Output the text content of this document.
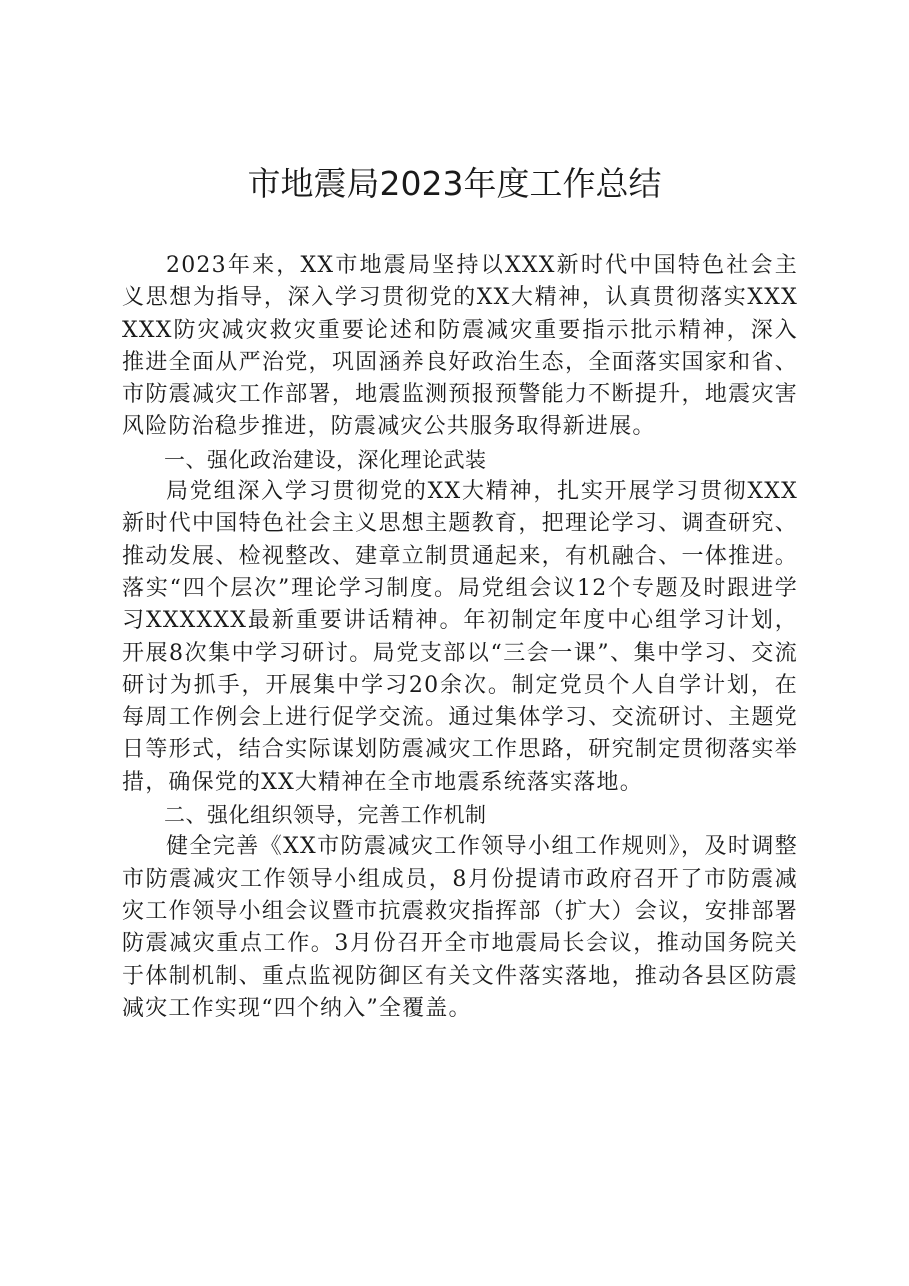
市地震局2023年度工作总结

2023年来，XX市地震局坚持以XXX新时代中国特色社会主义思想为指导，深入学习贯彻党的XX大精神，认真贯彻落实XXXXXX防灾减灾救灾重要论述和防震减灾重要指示批示精神，深入推进全面从严治党，巩固涵养良好政治生态，全面落实国家和省、市防震减灾工作部署，地震监测预报预警能力不断提升，地震灾害风险防治稳步推进，防震减灾公共服务取得新进展。

一、强化政治建设，深化理论武装

局党组深入学习贯彻党的XX大精神，扎实开展学习贯彻XXX新时代中国特色社会主义思想主题教育，把理论学习、调查研究、推动发展、检视整改、建章立制贯通起来，有机融合、一体推进。落实“四个层次”理论学习制度。局党组会议12个专题及时跟进学习XXXXXX最新重要讲话精神。年初制定年度中心组学习计划，开展8次集中学习研讨。局党支部以“三会一课”、集中学习、交流研讨为抓手，开展集中学习20余次。制定党员个人自学计划，在每周工作例会上进行促学交流。通过集体学习、交流研讨、主题党日等形式，结合实际谋划防震减灾工作思路，研究制定贯彻落实举措，确保党的XX大精神在全市地震系统落实落地。

二、强化组织领导，完善工作机制

健全完善《XX市防震减灾工作领导小组工作规则》，及时调整市防震减灾工作领导小组成员，8月份提请市政府召开了市防震减灾工作领导小组会议暨市抗震救灾指挥部（扩大）会议，安排部署防震减灾重点工作。3月份召开全市地震局长会议，推动国务院关于体制机制、重点监视防御区有关文件落实落地，推动各县区防震减灾工作实现“四个纳入”全覆盖。
